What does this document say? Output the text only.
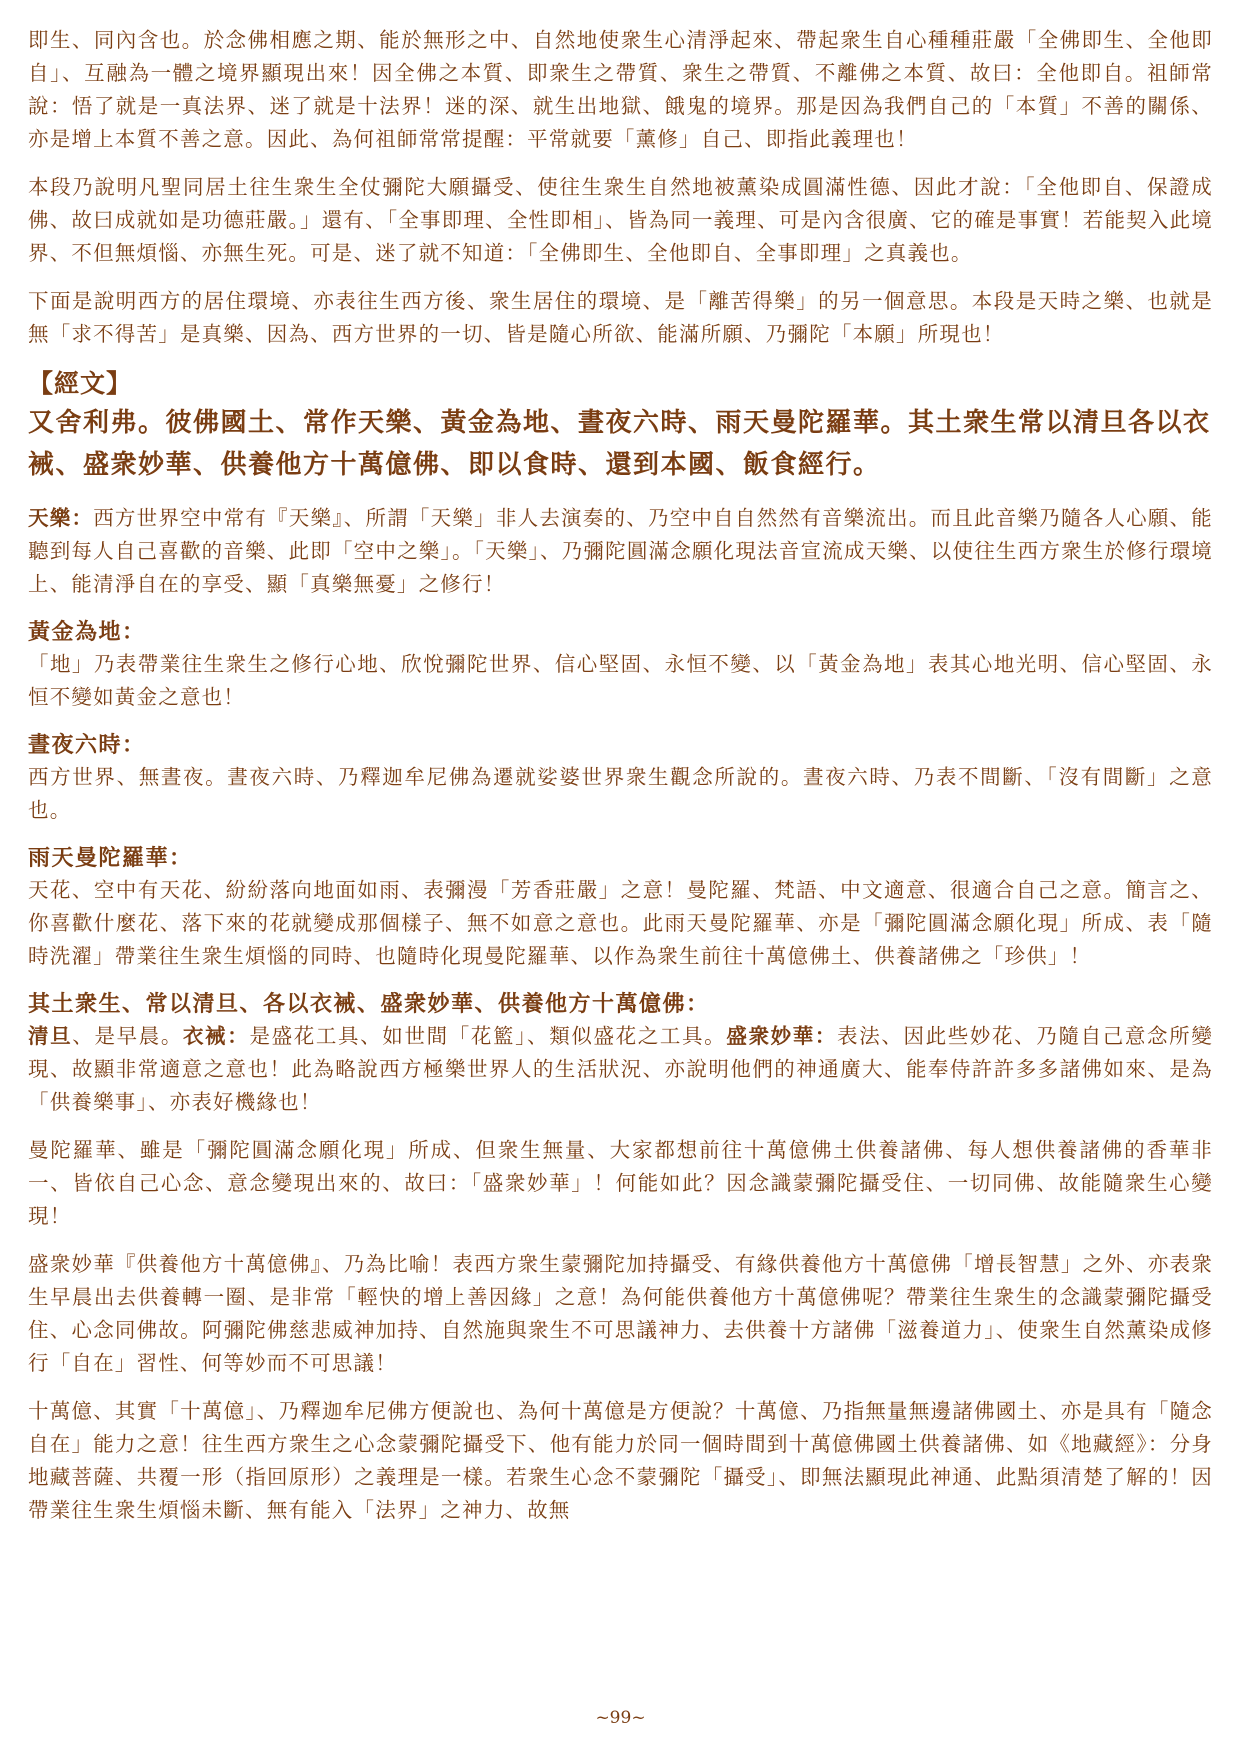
即生、同內含也。於念佛相應之期、能於無形之中、自然地使衆生心清淨起來、帶起衆生自心種種莊嚴「全佛即生、全他即自」、互融為一體之境界顯現出來！因全佛之本質、即衆生之帶質、衆生之帶質、不離佛之本質、故曰：全他即自。祖師常說：悟了就是一真法界、迷了就是十法界！迷的深、就生出地獄、餓鬼的境界。那是因為我們自己的「本質」不善的關係、亦是增上本質不善之意。因此、為何祖師常常提醒：平常就要「薰修」自己、即指此義理也！

本段乃說明凡聖同居土往生衆生全仗彌陀大願攝受、使往生衆生自然地被薰染成圓滿性德、因此才說：「全他即自、保證成佛、故曰成就如是功德莊嚴。」還有、「全事即理、全性即相」、皆為同一義理、可是內含很廣、它的確是事實！若能契入此境界、不但無煩惱、亦無生死。可是、迷了就不知道：「全佛即生、全他即自、全事即理」之真義也。

下面是說明西方的居住環境、亦表往生西方後、衆生居住的環境、是「離苦得樂」的另一個意思。本段是天時之樂、也就是無「求不得苦」是真樂、因為、西方世界的一切、皆是隨心所欲、能滿所願、乃彌陀「本願」所現也！

【經文】

又舍利弗。彼佛國土、常作天樂、黃金為地、晝夜六時、雨天曼陀羅華。其土衆生常以清旦各以衣裓、盛衆妙華、供養他方十萬億佛、即以食時、還到本國、飯食經行。

天樂：西方世界空中常有『天樂』、所謂「天樂」非人去演奏的、乃空中自自然然有音樂流出。而且此音樂乃隨各人心願、能聽到每人自己喜歡的音樂、此即「空中之樂」。「天樂」、乃彌陀圓滿念願化現法音宣流成天樂、以使往生西方衆生於修行環境上、能清淨自在的享受、顯「真樂無憂」之修行！

黃金為地：

「地」乃表帶業往生衆生之修行心地、欣悅彌陀世界、信心堅固、永恒不變、以「黃金為地」表其心地光明、信心堅固、永恒不變如黃金之意也！

晝夜六時：

西方世界、無晝夜。晝夜六時、乃釋迦牟尼佛為遷就娑婆世界衆生觀念所說的。晝夜六時、乃表不間斷、「沒有間斷」之意也。

雨天曼陀羅華：

天花、空中有天花、紛紛落向地面如雨、表彌漫「芳香莊嚴」之意！曼陀羅、梵語、中文適意、很適合自己之意。簡言之、你喜歡什麼花、落下來的花就變成那個樣子、無不如意之意也。此雨天曼陀羅華、亦是「彌陀圓滿念願化現」所成、表「隨時洗濯」帶業往生衆生煩惱的同時、也隨時化現曼陀羅華、以作為衆生前往十萬億佛土、供養諸佛之「珍供」！

其土衆生、常以清旦、各以衣裓、盛衆妙華、供養他方十萬億佛：

清旦、是早晨。衣裓：是盛花工具、如世間「花籃」、類似盛花之工具。盛衆妙華：表法、因此些妙花、乃隨自己意念所變現、故顯非常適意之意也！此為略說西方極樂世界人的生活狀況、亦說明他們的神通廣大、能奉侍許許多多諸佛如來、是為「供養樂事」、亦表好機緣也！

曼陀羅華、雖是「彌陀圓滿念願化現」所成、但衆生無量、大家都想前往十萬億佛土供養諸佛、每人想供養諸佛的香華非一、皆依自己心念、意念變現出來的、故曰：「盛衆妙華」！何能如此？因念識蒙彌陀攝受住、一切同佛、故能隨衆生心變現！

盛衆妙華『供養他方十萬億佛』、乃為比喻！表西方衆生蒙彌陀加持攝受、有緣供養他方十萬億佛「增長智慧」之外、亦表衆生早晨出去供養轉一圈、是非常「輕快的增上善因緣」之意！為何能供養他方十萬億佛呢？帶業往生衆生的念識蒙彌陀攝受住、心念同佛故。阿彌陀佛慈悲威神加持、自然施與衆生不可思議神力、去供養十方諸佛「滋養道力」、使衆生自然薰染成修行「自在」習性、何等妙而不可思議！

十萬億、其實「十萬億」、乃釋迦牟尼佛方便說也、為何十萬億是方便說？十萬億、乃指無量無邊諸佛國土、亦是具有「隨念自在」能力之意！往生西方衆生之心念蒙彌陀攝受下、他有能力於同一個時間到十萬億佛國土供養諸佛、如《地藏經》：分身地藏菩薩、共覆一形（指回原形）之義理是一樣。若衆生心念不蒙彌陀「攝受」、即無法顯現此神通、此點須清楚了解的！因帶業往生衆生煩惱未斷、無有能入「法界」之神力、故無

~99~
